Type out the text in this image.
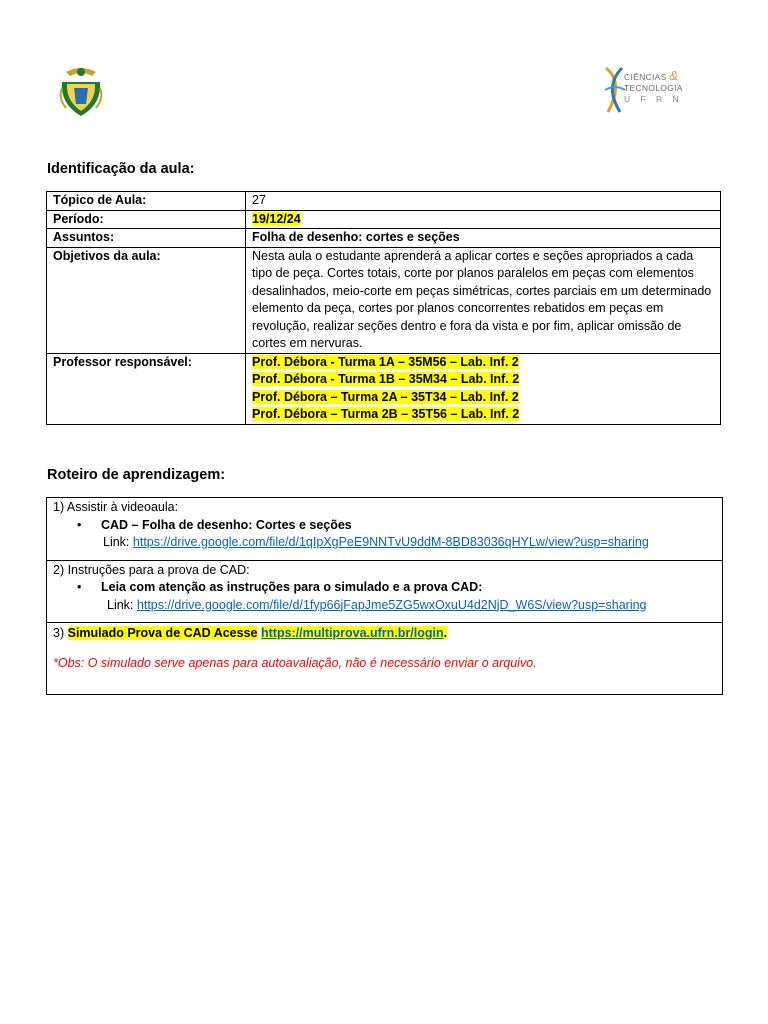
CIÊNCIAS &
TECNOLOGIA
U F R N
Identificação da aula:
Tópico de Aula:	27
Período:	19/12/24
Assuntos:	Folha de desenho: cortes e seções
Objetivos da aula:	Nesta aula o estudante aprenderá a aplicar cortes e seções apropriados a cada tipo de peça. Cortes totais, corte por planos paralelos em peças com elementos desalinhados, meio-corte em peças simétricas, cortes parciais em um determinado elemento da peça, cortes por planos concorrentes rebatidos em peças em revolução, realizar seções dentro e fora da vista e por fim, aplicar omissão de cortes em nervuras.
Professor responsável:	Prof. Débora - Turma 1A – 35M56 – Lab. Inf. 2
Prof. Débora - Turma 1B – 35M34 – Lab. Inf. 2
Prof. Débora – Turma 2A – 35T34 – Lab. Inf. 2
Prof. Débora – Turma 2B – 35T56 – Lab. Inf. 2
Roteiro de aprendizagem:
1) Assistir à videoaula:
•	CAD – Folha de desenho: Cortes e seções
Link: https://drive.google.com/file/d/1qIpXgPeE9NNTvU9ddM-8BD83036qHYLw/view?usp=sharing
2) Instruções para a prova de CAD:
•	Leia com atenção as instruções para o simulado e a prova CAD:
Link: https://drive.google.com/file/d/1fyp66jFapJme5ZG5wxOxuU4d2NjD_W6S/view?usp=sharing
3) Simulado Prova de CAD Acesse https://multiprova.ufrn.br/login.
*Obs: O simulado serve apenas para autoavaliação, não é necessário enviar o arquivo.
